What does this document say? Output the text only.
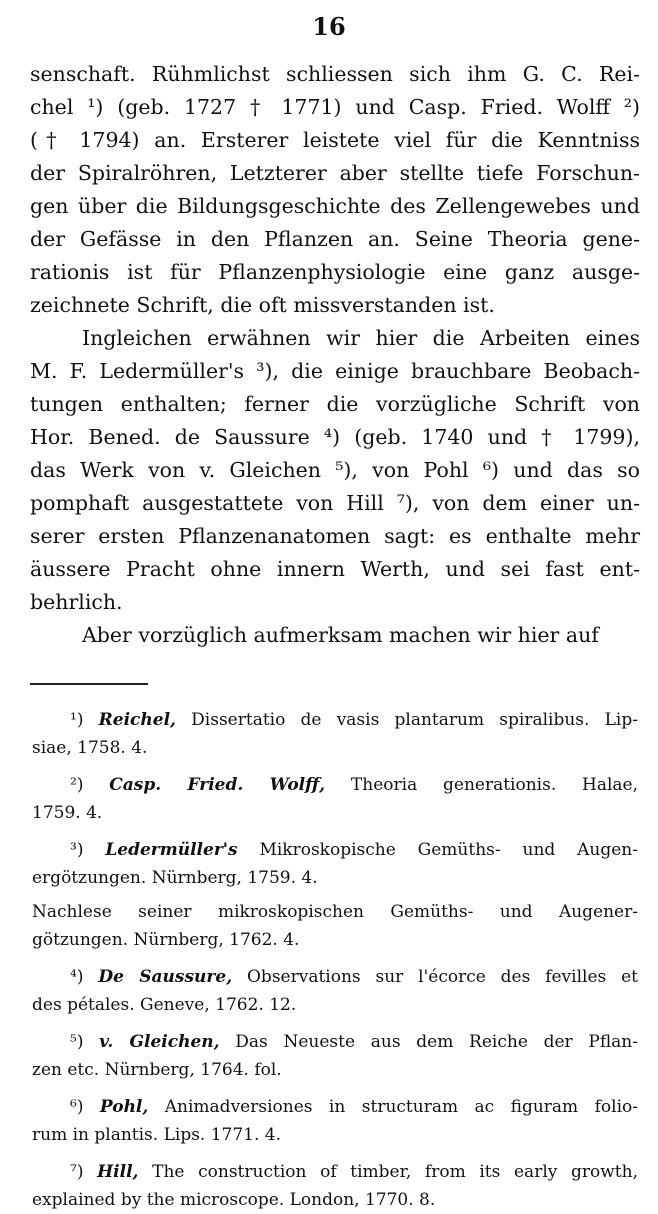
16
senschaft. Rühmlichst schliessen sich ihm G. C. Rei-
chel ¹) (geb. 1727 † 1771) und Casp. Fried. Wolff ²)
(† 1794) an. Ersterer leistete viel für die Kenntniss
der Spiralröhren, Letzterer aber stellte tiefe Forschun-
gen über die Bildungsgeschichte des Zellengewebes und
der Gefässe in den Pflanzen an. Seine Theoria gene-
rationis ist für Pflanzenphysiologie eine ganz ausge-
zeichnete Schrift, die oft missverstanden ist.
Ingleichen erwähnen wir hier die Arbeiten eines
M. F. Ledermüller's ³), die einige brauchbare Beobach-
tungen enthalten; ferner die vorzügliche Schrift von
Hor. Bened. de Saussure ⁴) (geb. 1740 und † 1799),
das Werk von v. Gleichen ⁵), von Pohl ⁶) und das so
pomphaft ausgestattete von Hill ⁷), von dem einer un-
serer ersten Pflanzenanatomen sagt: es enthalte mehr
äussere Pracht ohne innern Werth, und sei fast ent-
behrlich.
Aber vorzüglich aufmerksam machen wir hier auf
¹) Reichel, Dissertatio de vasis plantarum spiralibus. Lip-
siae, 1758. 4.
²) Casp. Fried. Wolff, Theoria generationis. Halae,
1759. 4.
³) Ledermüller's Mikroskopische Gemüths- und Augen-
ergötzungen. Nürnberg, 1759. 4.
Nachlese seiner mikroskopischen Gemüths- und Augener-
götzungen. Nürnberg, 1762. 4.
⁴) De Saussure, Observations sur l'écorce des fevilles et
des pétales. Geneve, 1762. 12.
⁵) v. Gleichen, Das Neueste aus dem Reiche der Pflan-
zen etc. Nürnberg, 1764. fol.
⁶) Pohl, Animadversiones in structuram ac figuram folio-
rum in plantis. Lips. 1771. 4.
⁷) Hill, The construction of timber, from its early growth,
explained by the microscope. London, 1770. 8.
